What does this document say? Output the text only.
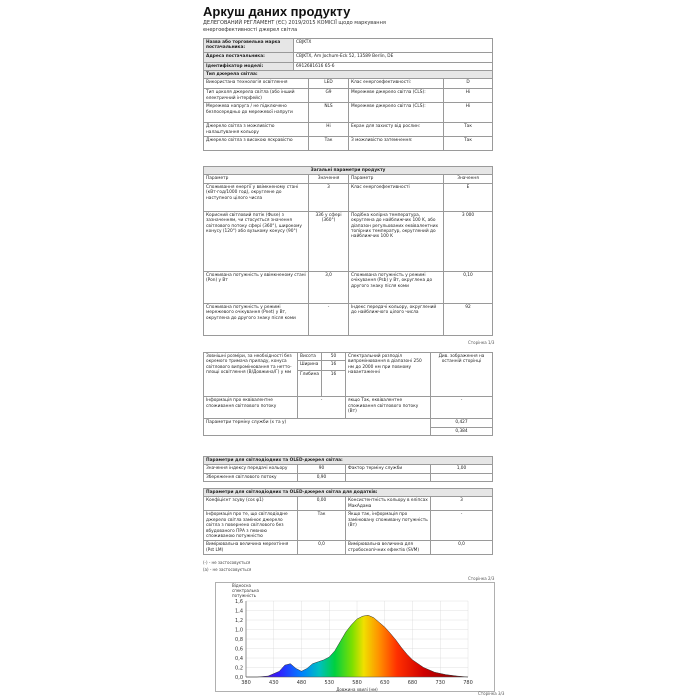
Аркуш даних продукту
ДЕЛЕГОВАНИЙ РЕГЛАМЕНТ (ЄС) 2019/2015 КОМІСІЇ щодо маркування енергоефективності джерел світла
Назва або торговельна марка постачальника:	CBJKTX
Адреса постачальника:	CBJKTX, Am Jochum-Eck 52, 13589 Berlin, DE
Ідентифікатор моделі:	6912681616 65-6
Тип джерела світла:			
Використана технологія освітлення	LED	Клас енергоефективності:	D
Тип цоколя джерела світла (або інший електричний інтерфейс)	G9	Мережеве джерело світла (CLS):	Ні
Мережева напруга / не підключено безпосередньо до мережевої напруги	NLS	Мережеве джерело світла (CLS):	Ні
Джерело світла з можливістю налаштування кольору	Ні	Екран для захисту від рослин:	Так
Джерело світла з високою яскравістю	Так	З можливістю затемнення:	Так
Загальні параметри продукту			
Параметр	Значення	Параметр	Значення
Споживання енергії у ввімкненому стані (кВт·год/1000 год), округлене до наступного цілого числа	3	Клас енергоефективності	E
Корисний світловий потік (Φuse) з зазначенням, чи стосується значення світлового потоку сфері (360°), широкому конусу (120°) або вузькому конусу (90°)	336 у сфері (360°)	Подібна колірна температура, округлена до найближчих 100 K, або діапазон регульованих еквівалентних топірних температур, округлений до найближчих 100 K	3 000
Споживана потужність у ввімкненому стані (Pon) у Вт	3,0	Споживана потужність у режимі очікування (Psb) у Вт, округлена до другого знаку після коми	0,10
Споживана потужність у режимі мережевого очікування (Pnet) у Вт, округлена до другого знаку після коми	-	Індекс передачі кольору, округлений до найближчого цілого числа	92
Сторінка 1/3
Зовнішні розміри, за необхідності без окремого тримача приладу, конуса світлового випромінювання та нетто-площі освітлення (В/Довжина/Г) у мм	Висота	50	Спектральний розподіл випромінювання в діапазоні 250 нм до 2000 нм при повному навантаженні	Див. зображення на останній сторінці
	Ширина	16		
	Глибина	16		
Інформація про еквівалентне споживання світлового потоку	-		якщо Так, еквівалентне споживання світлового потоку (Вт)	-
Параметри терміну служби (x та y)				0,427
				0,384
Параметри для світлодіодних та OLED-джерел світла:			
Значення індексу передачі кольору	90	Фактор терміну служби	1,00
Збереження світлового потоку	0,90		
Параметри для світлодіодних та OLED-джерел світла для додатків:			
Коефіцієнт зсуву (cos φ1)	0,00	Консистентність кольору в еліпсах МакАдама	3
Інформація про те, що світлодіодне джерело світла замінює джерело світла з повернено світлового без вбудованого ПРА з певною споживаною потужністю	Так	Якщо так, інформація про замінювану споживану потужність (Вт)	-
Вимірювальна величина мерехтіння (Pst LM)	0,0	Вимірювальна величина для стробоскопічних ефектів (SVM)	0,0
(-) - не застосовується
(a) - не застосовується
Сторінка 2/3
380	430	480	530	580	630	680	730	780
0,0
0,2
0,4
0,6
0,8
1,0
1,2
1,4
1,6
Довжина хвилі (нм)
Відносна
спектральна
потужність
Сторінка 3/3
